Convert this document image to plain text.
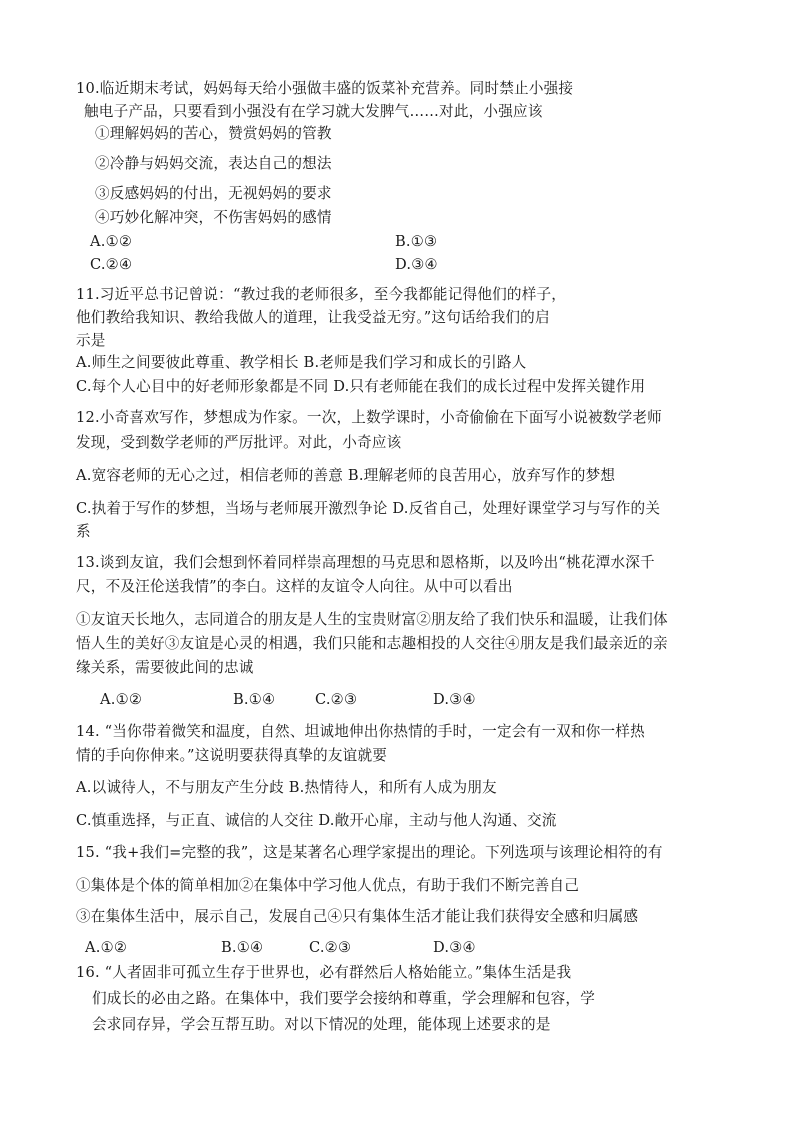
10.临近期末考试，妈妈每天给小强做丰盛的饭菜补充营养。同时禁止小强接
触电子产品，只要看到小强没有在学习就大发脾气……对此，小强应该
①理解妈妈的苦心，赞赏妈妈的管教
②冷静与妈妈交流，表达自己的想法
③反感妈妈的付出，无视妈妈的要求
④巧妙化解冲突，不伤害妈妈的感情
A.①②	B.①③
C.②④	D.③④
11.习近平总书记曾说：“教过我的老师很多，至今我都能记得他们的样子，
他们教给我知识、教给我做人的道理，让我受益无穷。”这句话给我们的启
示是
A.师生之间要彼此尊重、教学相长 B.老师是我们学习和成长的引路人
C.每个人心目中的好老师形象都是不同 D.只有老师能在我们的成长过程中发挥关键作用
12.小奇喜欢写作，梦想成为作家。一次，上数学课时，小奇偷偷在下面写小说被数学老师
发现，受到数学老师的严厉批评。对此，小奇应该
A.宽容老师的无心之过，相信老师的善意 B.理解老师的良苦用心，放弃写作的梦想
C.执着于写作的梦想，当场与老师展开激烈争论 D.反省自己，处理好课堂学习与写作的关
系
13.谈到友谊，我们会想到怀着同样崇高理想的马克思和恩格斯，以及吟出“桃花潭水深千
尺，不及汪伦送我情”的李白。这样的友谊令人向往。从中可以看出
①友谊天长地久，志同道合的朋友是人生的宝贵财富②朋友给了我们快乐和温暖，让我们体
悟人生的美好③友谊是心灵的相遇，我们只能和志趣相投的人交往④朋友是我们最亲近的亲
缘关系，需要彼此间的忠诚
A.①②	B.①④	C.②③	D.③④
14. “当你带着微笑和温度，自然、坦诚地伸出你热情的手时，一定会有一双和你一样热
情的手向你伸来。”这说明要获得真挚的友谊就要
A.以诚待人，不与朋友产生分歧 B.热情待人，和所有人成为朋友
C.慎重选择，与正直、诚信的人交往 D.敞开心扉，主动与他人沟通、交流
15. “我+我们=完整的我”，这是某著名心理学家提出的理论。下列选项与该理论相符的有
①集体是个体的简单相加②在集体中学习他人优点，有助于我们不断完善自己
③在集体生活中，展示自己，发展自己④只有集体生活才能让我们获得安全感和归属感
A.①②	B.①④	C.②③	D.③④
16. “人者固非可孤立生存于世界也，必有群然后人格始能立。”集体生活是我
们成长的必由之路。在集体中，我们要学会接纳和尊重，学会理解和包容，学
会求同存异，学会互帮互助。对以下情况的处理，能体现上述要求的是
